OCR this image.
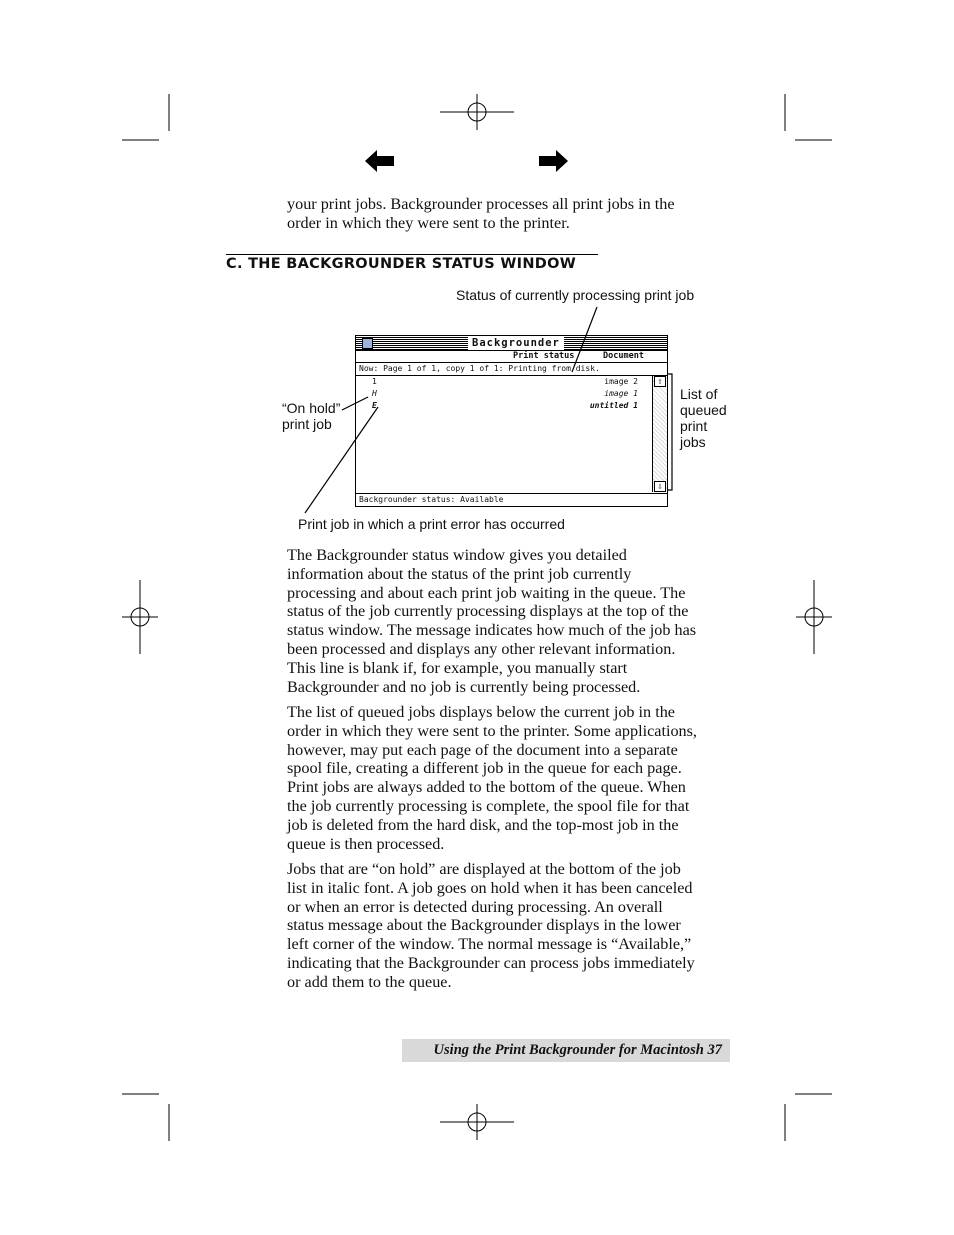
your print jobs. Backgrounder processes all print jobs in the
order in which they were sent to the printer.
C. THE BACKGROUNDER STATUS WINDOW
Status of currently processing print job
“On hold”
print job
List of
queued
print
jobs
Print job in which a print error has occurred
Backgrounder
Print status	Document
Now: Page 1 of 1, copy 1 of 1: Printing from disk.
1	image 2
H	image 1
E	untitled 1
⇧
⇩
Backgrounder status: Available
The Backgrounder status window gives you detailed
information about the status of the print job currently
processing and about each print job waiting in the queue. The
status of the job currently processing displays at the top of the
status window. The message indicates how much of the job has
been processed and displays any other relevant information.
This line is blank if, for example, you manually start
Backgrounder and no job is currently being processed.
The list of queued jobs displays below the current job in the
order in which they were sent to the printer. Some applications,
however, may put each page of the document into a separate
spool file, creating a different job in the queue for each page.
Print jobs are always added to the bottom of the queue. When
the job currently processing is complete, the spool file for that
job is deleted from the hard disk, and the top-most job in the
queue is then processed.
Jobs that are “on hold” are displayed at the bottom of the job
list in italic font. A job goes on hold when it has been canceled
or when an error is detected during processing. An overall
status message about the Backgrounder displays in the lower
left corner of the window. The normal message is “Available,”
indicating that the Backgrounder can process jobs immediately
or add them to the queue.
Using the Print Backgrounder for Macintosh 37
